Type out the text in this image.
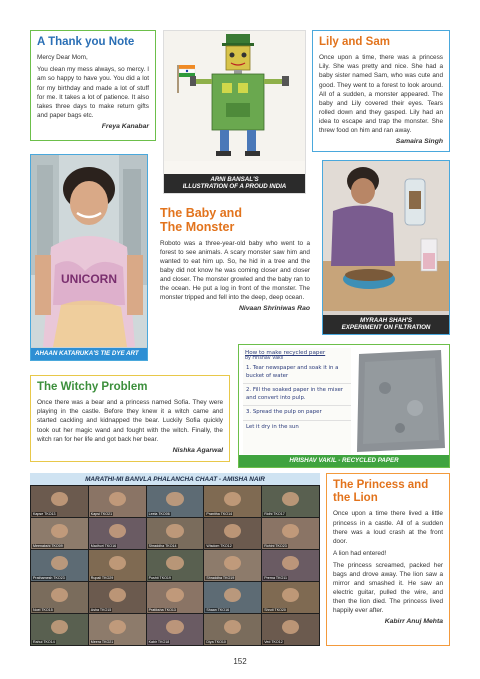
A Thank you Note

Mercy Dear Mom,

You clean my mess always, so mercy. I am so happy to have you. You did a lot for my birthday and made a lot of stuff for me. It takes a lot of patience. It also takes three days to make return gifts and paper bags etc.

Freya Kanabar

ARNI BANSAL'S
ILLUSTRATION OF A PROUD INDIA
Lily and Sam

Once upon a time, there was a princess Lily. She was pretty and nice. She had a baby sister named Sam, who was cute and good. They went to a forest to look around. All of a sudden, a monster appeared. The baby and Lily covered their eyes. Tears rolled down and they gasped. Lily had an idea to escape and trap the monster. She threw food on him and ran away.

Samaira Singh

UNICORN
AHAAN KATARUKA'S TIE DYE ART
The Baby and
The Monster

Roboto was a three-year-old baby who went to a forest to see animals. A scary monster saw him and wanted to eat him up. So, he hid in a tree and the baby did not know he was coming closer and closer and closer. The monster growled and the baby ran to the ocean. He put a log in front of the monster. The monster tripped and fell into the deep, deep ocean.

Nivaan Shriniwas Rao

MYRAAH SHAH'S
EXPERIMENT ON FILTRATION
The Witchy Problem

Once there was a bear and a princess named Sofia. They were playing in the castle. Before they knew it a witch came and started cackling and kidnapped the bear. Luckily Sofia quickly took out her magic wand and fought with the witch. Finally, the witch ran for her life and got back her bear.

Nishka Agarwal

How to make recycled paper
by Hrishav Vakil
1. Tear newspaper and soak it in a bucket of water
2. Fill the soaked paper in the mixer and convert into pulp.
3. Spread the pulp on paper
Let it dry in the sun
HRISHAV VAKIL - RECYCLED PAPER
MARATHI-MI BANVLA PHALANCHA CHAAT - AMISHA NAIR
Kapse TKO13	Kapsi TKO21	Leela TKO06	Pranitha TKO14	Ridhi TKO17
Meenakshi TKO09	Madhuri TKO16	Shraddha TKO14	Wisdom TKO12	Rohini TKO23
Prathamesh TKO23	Rupali TKO29	Pushti TKO19	Shraddha TKO19	Prerna TKO11
Noel TKO15	Asha TKO15	Pratiksha TKO13	Shaan TKO16	Shruti TKO20
Rahul TKO14	Meera TKO21	Kabir TKO18	Diya TKO10	Ved TKO12
The Princess and
the Lion

Once upon a time there lived a little princess in a castle. All of a sudden there was a loud crash at the front door.

A lion had entered!

The princess screamed, packed her bags and drove away. The lion saw a mirror and smashed it. He saw an electric guitar, pulled the wire, and then the lion died. The princess lived happily ever after.

Kabirr Anuj Mehta

152
